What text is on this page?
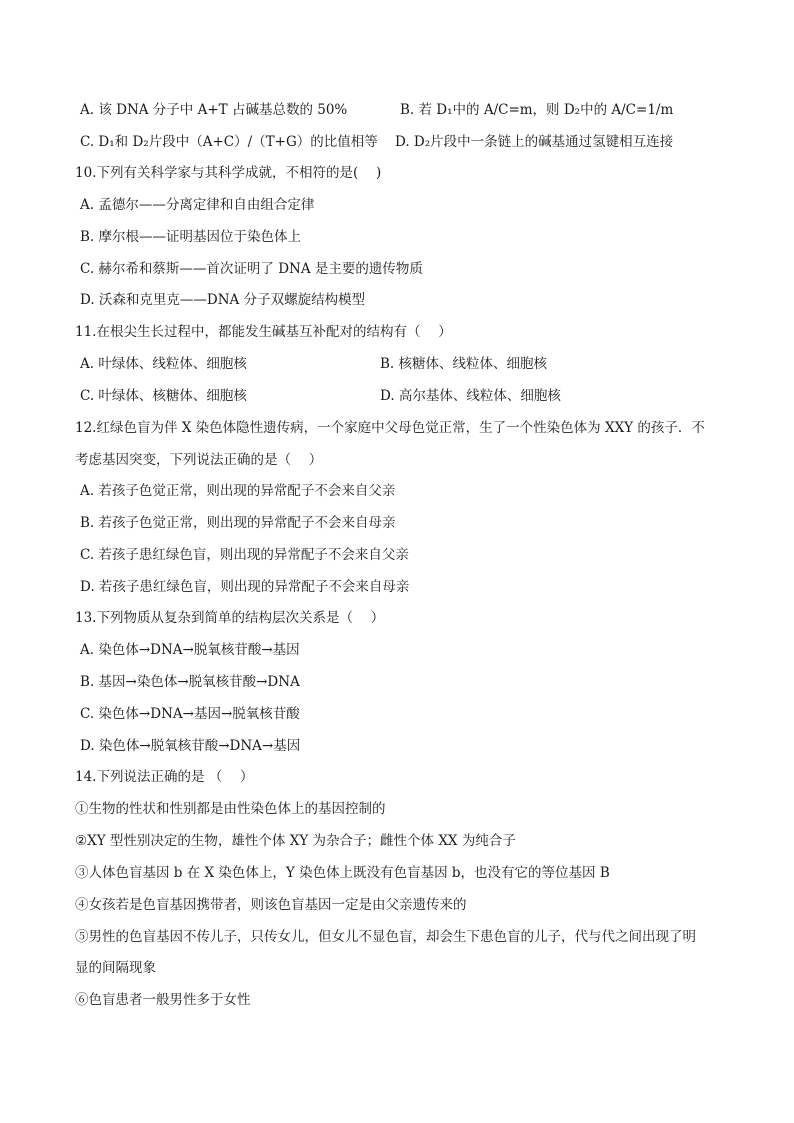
A. 该 DNA 分子中 A+T 占碱基总数的 50%	B. 若 D₁中的 A/C=m，则 D₂中的 A/C=1/m
C. D₁和 D₂片段中（A+C）/（T+G）的比值相等 D. D₂片段中一条链上的碱基通过氢键相互连接
10.下列有关科学家与其科学成就，不相符的是(　 )
A. 孟德尔——分离定律和自由组合定律
B. 摩尔根——证明基因位于染色体上
C. 赫尔希和蔡斯——首次证明了 DNA 是主要的遗传物质
D. 沃森和克里克——DNA 分子双螺旋结构模型
11.在根尖生长过程中，都能发生碱基互补配对的结构有（　 ）
A. 叶绿体、线粒体、细胞核	B. 核糖体、线粒体、细胞核
C. 叶绿体、核糖体、细胞核	D. 高尔基体、线粒体、细胞核
12.红绿色盲为伴 X 染色体隐性遗传病，一个家庭中父母色觉正常，生了一个性染色体为 XXY 的孩子．不
考虑基因突变，下列说法正确的是（　 ）
A. 若孩子色觉正常，则出现的异常配子不会来自父亲
B. 若孩子色觉正常，则出现的异常配子不会来自母亲
C. 若孩子患红绿色盲，则出现的异常配子不会来自父亲
D. 若孩子患红绿色盲，则出现的异常配子不会来自母亲
13.下列物质从复杂到简单的结构层次关系是（　 ）
A. 染色体→DNA→脱氧核苷酸→基因
B. 基因→染色体→脱氧核苷酸→DNA
C. 染色体→DNA→基因→脱氧核苷酸
D. 染色体→脱氧核苷酸→DNA→基因
14.下列说法正确的是 （　 ）
①生物的性状和性别都是由性染色体上的基因控制的
②XY 型性别决定的生物，雄性个体 XY 为杂合子；雌性个体 XX 为纯合子
③人体色盲基因 b 在 X 染色体上，Y 染色体上既没有色盲基因 b，也没有它的等位基因 B
④女孩若是色盲基因携带者，则该色盲基因一定是由父亲遗传来的
⑤男性的色盲基因不传儿子，只传女儿，但女儿不显色盲，却会生下患色盲的儿子，代与代之间出现了明
显的间隔现象
⑥色盲患者一般男性多于女性
